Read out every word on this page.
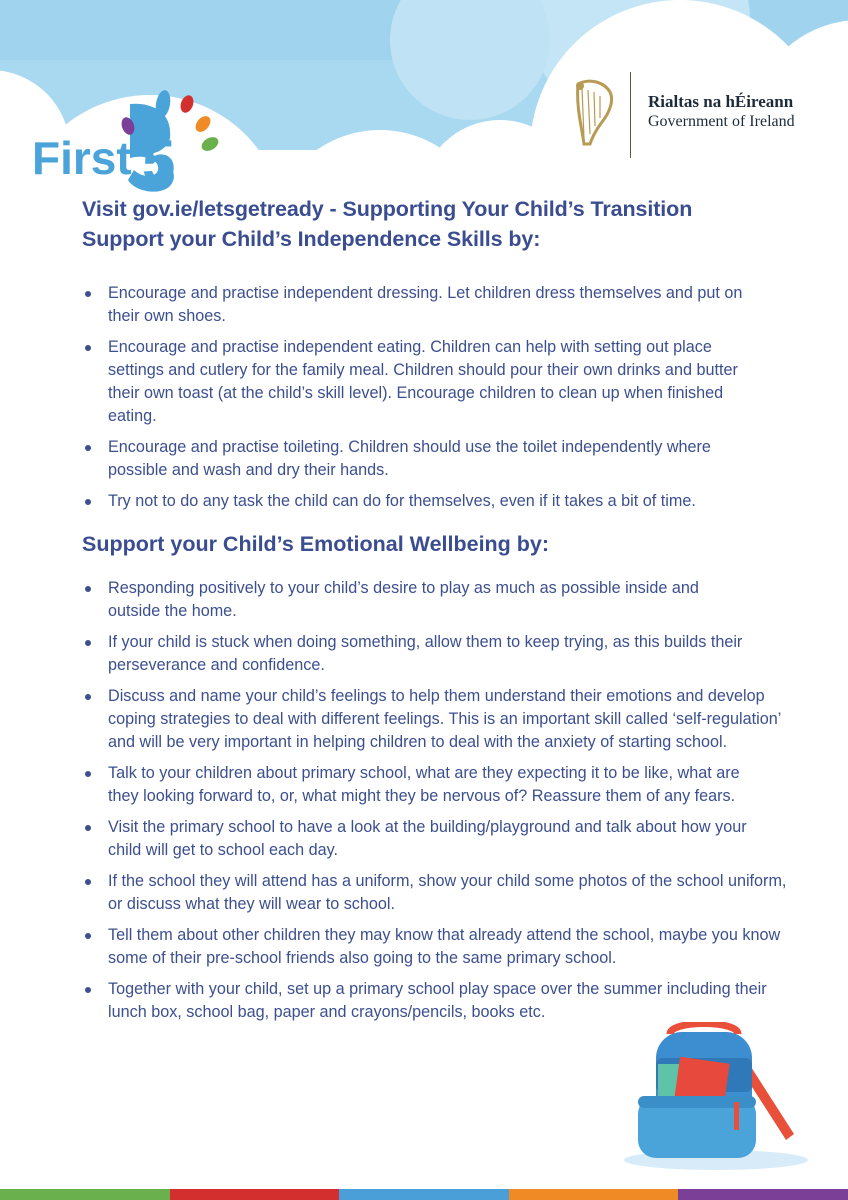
5
First
Rialtas na hÉireann
Government of Ireland
Visit gov.ie/letsgetready - Supporting Your Child’s Transition
Support your Child’s Independence Skills by:
Encourage and practise independent dressing. Let children dress themselves and put on their own shoes.
Encourage and practise independent eating. Children can help with setting out place settings and cutlery for the family meal. Children should pour their own drinks and butter their own toast (at the child’s skill level). Encourage children to clean up when finished eating.
Encourage and practise toileting. Children should use the toilet independently where possible and wash and dry their hands.
Try not to do any task the child can do for themselves, even if it takes a bit of time.
Support your Child’s Emotional Wellbeing by:
Responding positively to your child’s desire to play as much as possible inside and outside the home.
If your child is stuck when doing something, allow them to keep trying, as this builds their perseverance and confidence.
Discuss and name your child’s feelings to help them understand their emotions and develop coping strategies to deal with different feelings. This is an important skill called ‘self-regulation’ and will be very important in helping children to deal with the anxiety of starting school.
Talk to your children about primary school, what are they expecting it to be like, what are they looking forward to, or, what might they be nervous of? Reassure them of any fears.
Visit the primary school to have a look at the building/playground and talk about how your child will get to school each day.
If the school they will attend has a uniform, show your child some photos of the school uniform, or discuss what they will wear to school.
Tell them about other children they may know that already attend the school, maybe you know some of their pre-school friends also going to the same primary school.
Together with your child, set up a primary school play space over the summer including their lunch box, school bag, paper and crayons/pencils, books etc.
